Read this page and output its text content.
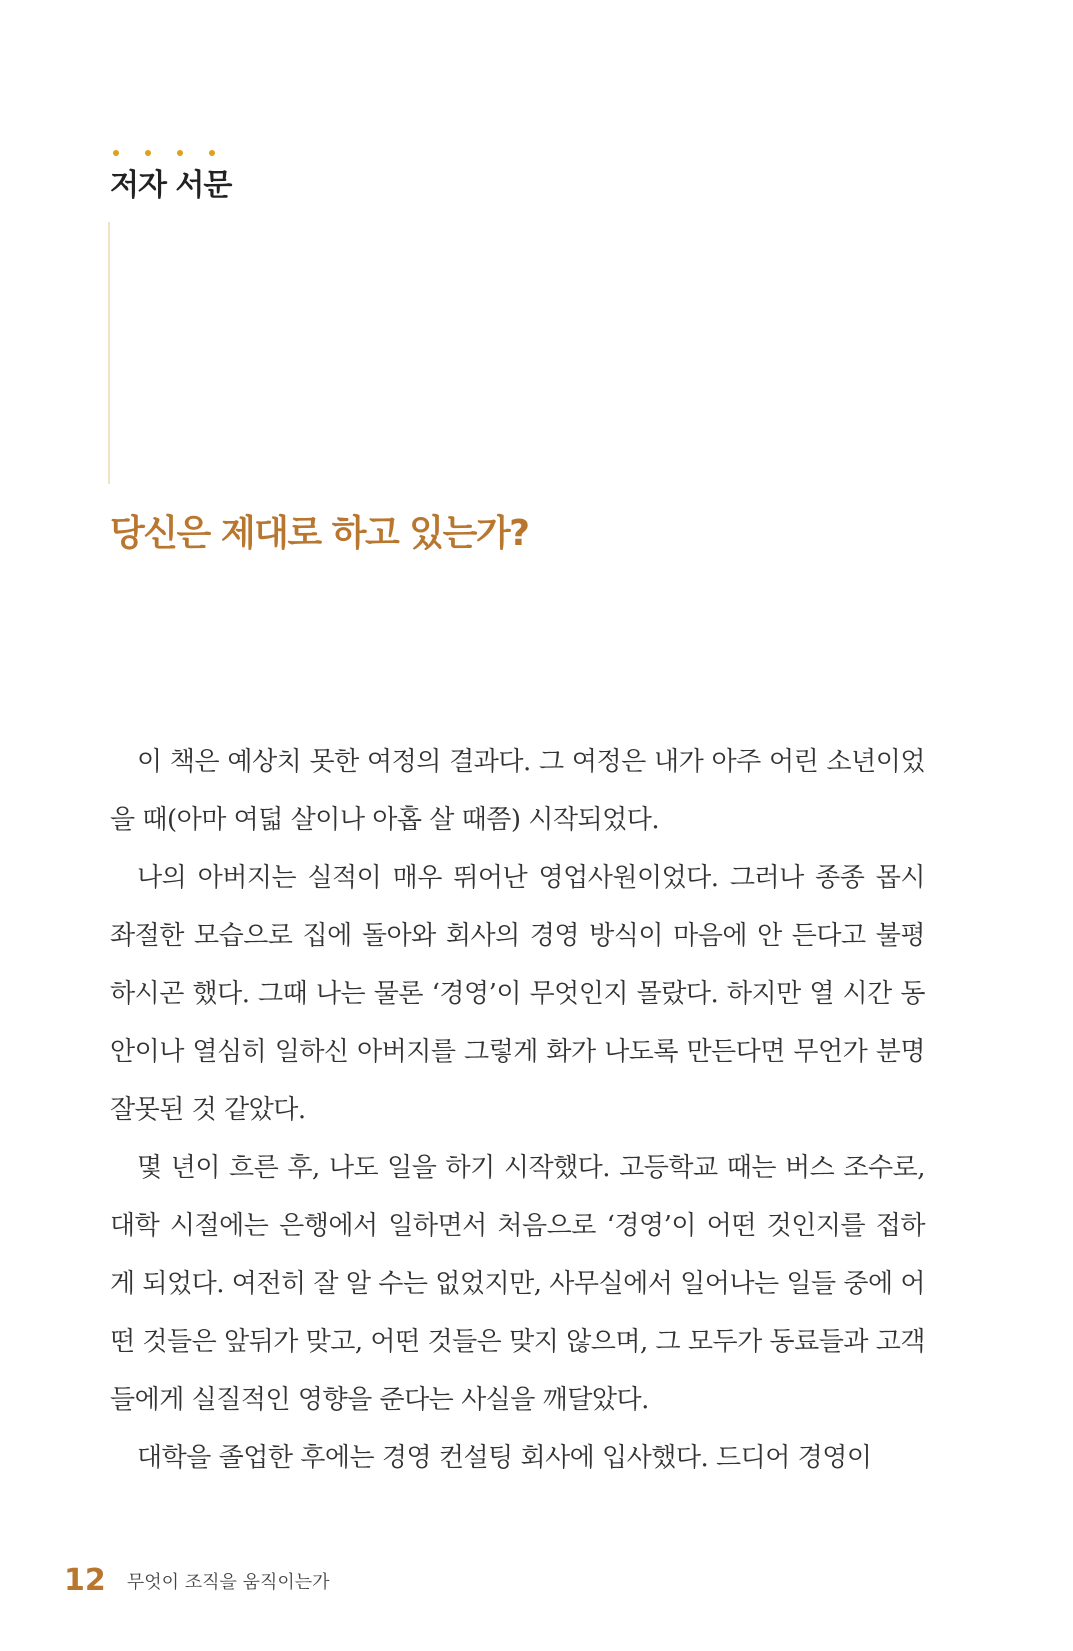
저자 서문
당신은 제대로 하고 있는가?

이 책은 예상치 못한 여정의 결과다. 그 여정은 내가 아주 어린 소년이었을 때(아마 여덟 살이나 아홉 살 때쯤) 시작되었다.

나의 아버지는 실적이 매우 뛰어난 영업사원이었다. 그러나 종종 몹시 좌절한 모습으로 집에 돌아와 회사의 경영 방식이 마음에 안 든다고 불평하시곤 했다. 그때 나는 물론 ‘경영’이 무엇인지 몰랐다. 하지만 열 시간 동안이나 열심히 일하신 아버지를 그렇게 화가 나도록 만든다면 무언가 분명 잘못된 것 같았다.

몇 년이 흐른 후, 나도 일을 하기 시작했다. 고등학교 때는 버스 조수로, 대학 시절에는 은행에서 일하면서 처음으로 ‘경영’이 어떤 것인지를 접하게 되었다. 여전히 잘 알 수는 없었지만, 사무실에서 일어나는 일들 중에 어떤 것들은 앞뒤가 맞고, 어떤 것들은 맞지 않으며, 그 모두가 동료들과 고객들에게 실질적인 영향을 준다는 사실을 깨달았다.

대학을 졸업한 후에는 경영 컨설팅 회사에 입사했다. 드디어 경영이

12 무엇이 조직을 움직이는가
